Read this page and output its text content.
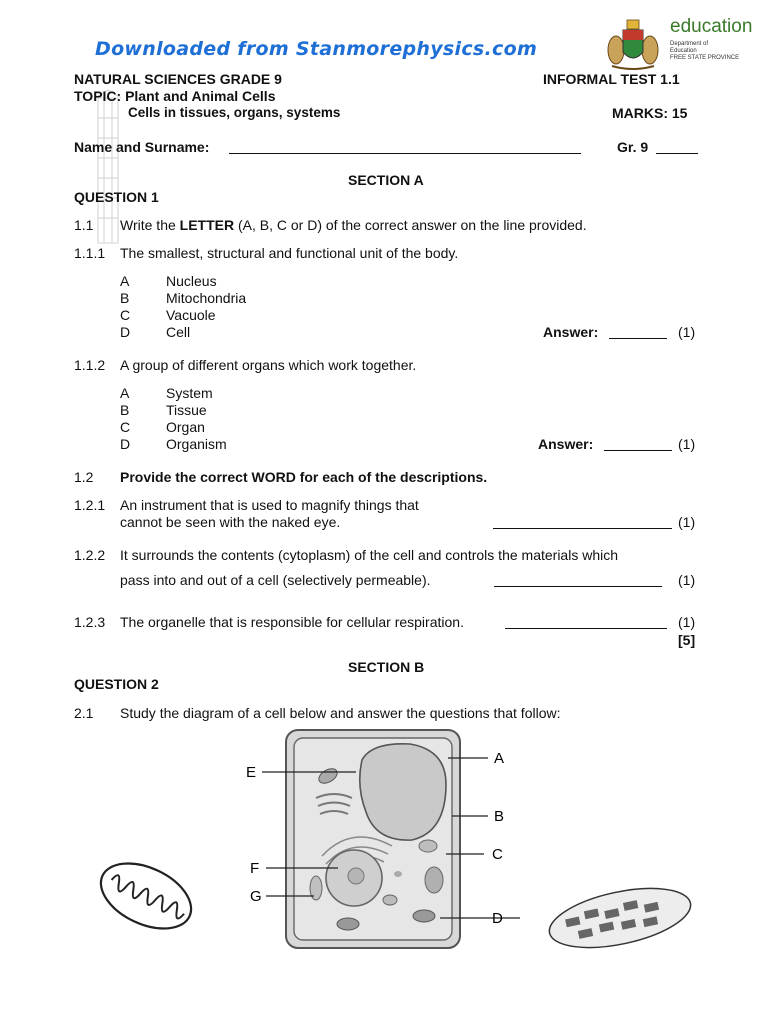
Downloaded from Stanmorephysics.com
education
Department of
Education
FREE STATE PROVINCE
NATURAL SCIENCES GRADE 9	INFORMAL TEST 1.1
TOPIC: Plant and Animal Cells
Cells in tissues, organs, systems	MARKS: 15
Name and Surname:	Gr. 9
SECTION A
QUESTION 1
1.1 Write the LETTER (A, B, C or D) of the correct answer on the line provided.
1.1.1 The smallest, structural and functional unit of the body.
A	Nucleus
B	Mitochondria
C	Vacuole
D	Cell	Answer:	(1)
1.1.2 A group of different organs which work together.
A	System
B	Tissue
C	Organ
D	Organism	Answer:	(1)
1.2 Provide the correct WORD for each of the descriptions.
1.2.1 An instrument that is used to magnify things that
cannot be seen with the naked eye.	(1)
1.2.2 It surrounds the contents (cytoplasm) of the cell and controls the materials which
pass into and out of a cell (selectively permeable).	(1)
1.2.3 The organelle that is responsible for cellular respiration.	(1)
[5]
SECTION B
QUESTION 2
2.1 Study the diagram of a cell below and answer the questions that follow:
A
B
C
D
E
F
G
